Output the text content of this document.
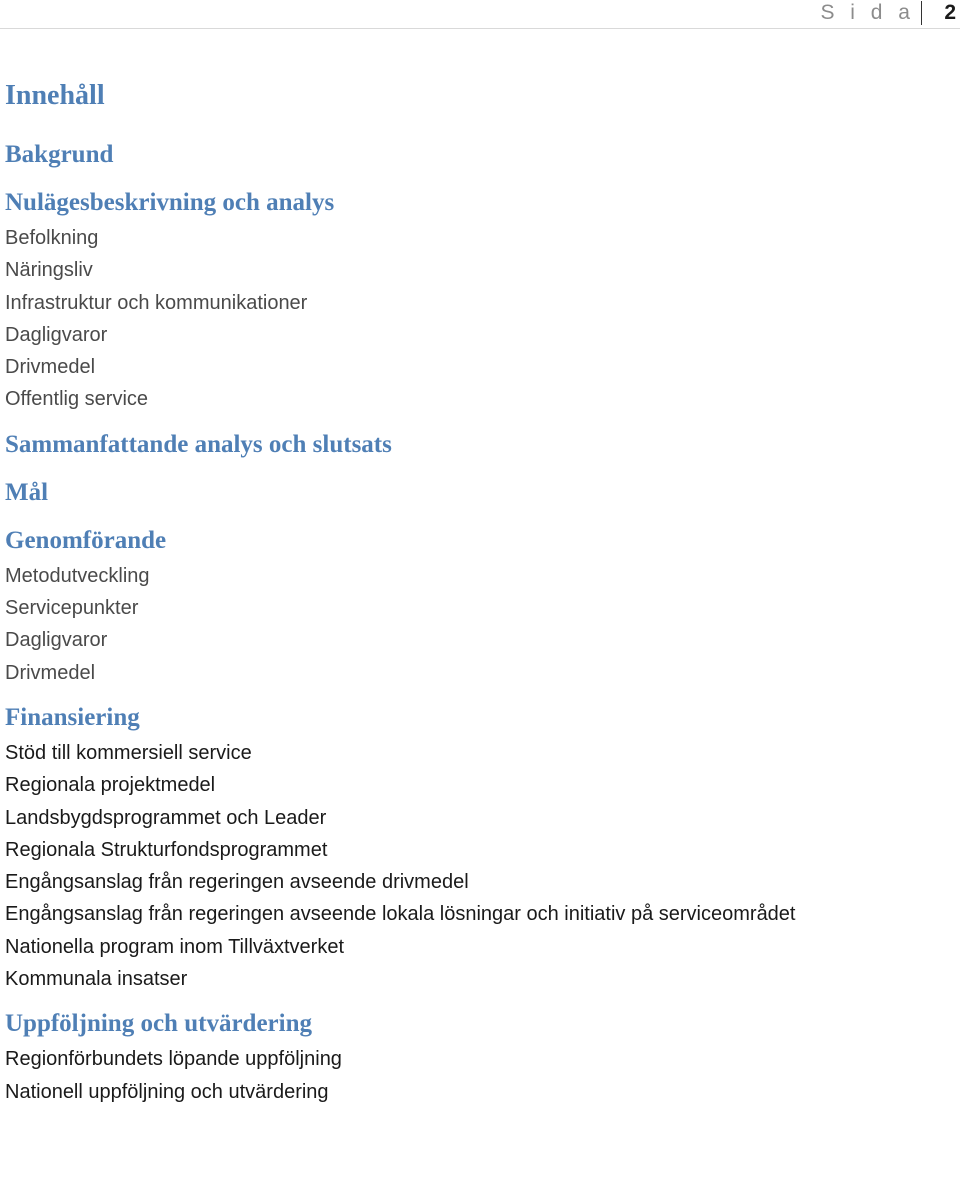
S i d a	2
Innehåll
Bakgrund
Nulägesbeskrivning och analys
Befolkning
Näringsliv
Infrastruktur och kommunikationer
Dagligvaror
Drivmedel
Offentlig service
Sammanfattande analys och slutsats
Mål
Genomförande
Metodutveckling
Servicepunkter
Dagligvaror
Drivmedel
Finansiering
Stöd till kommersiell service
Regionala projektmedel
Landsbygdsprogrammet och Leader
Regionala Strukturfondsprogrammet
Engångsanslag från regeringen avseende drivmedel
Engångsanslag från regeringen avseende lokala lösningar och initiativ på serviceområdet
Nationella program inom Tillväxtverket
Kommunala insatser
Uppföljning och utvärdering
Regionförbundets löpande uppföljning
Nationell uppföljning och utvärdering
